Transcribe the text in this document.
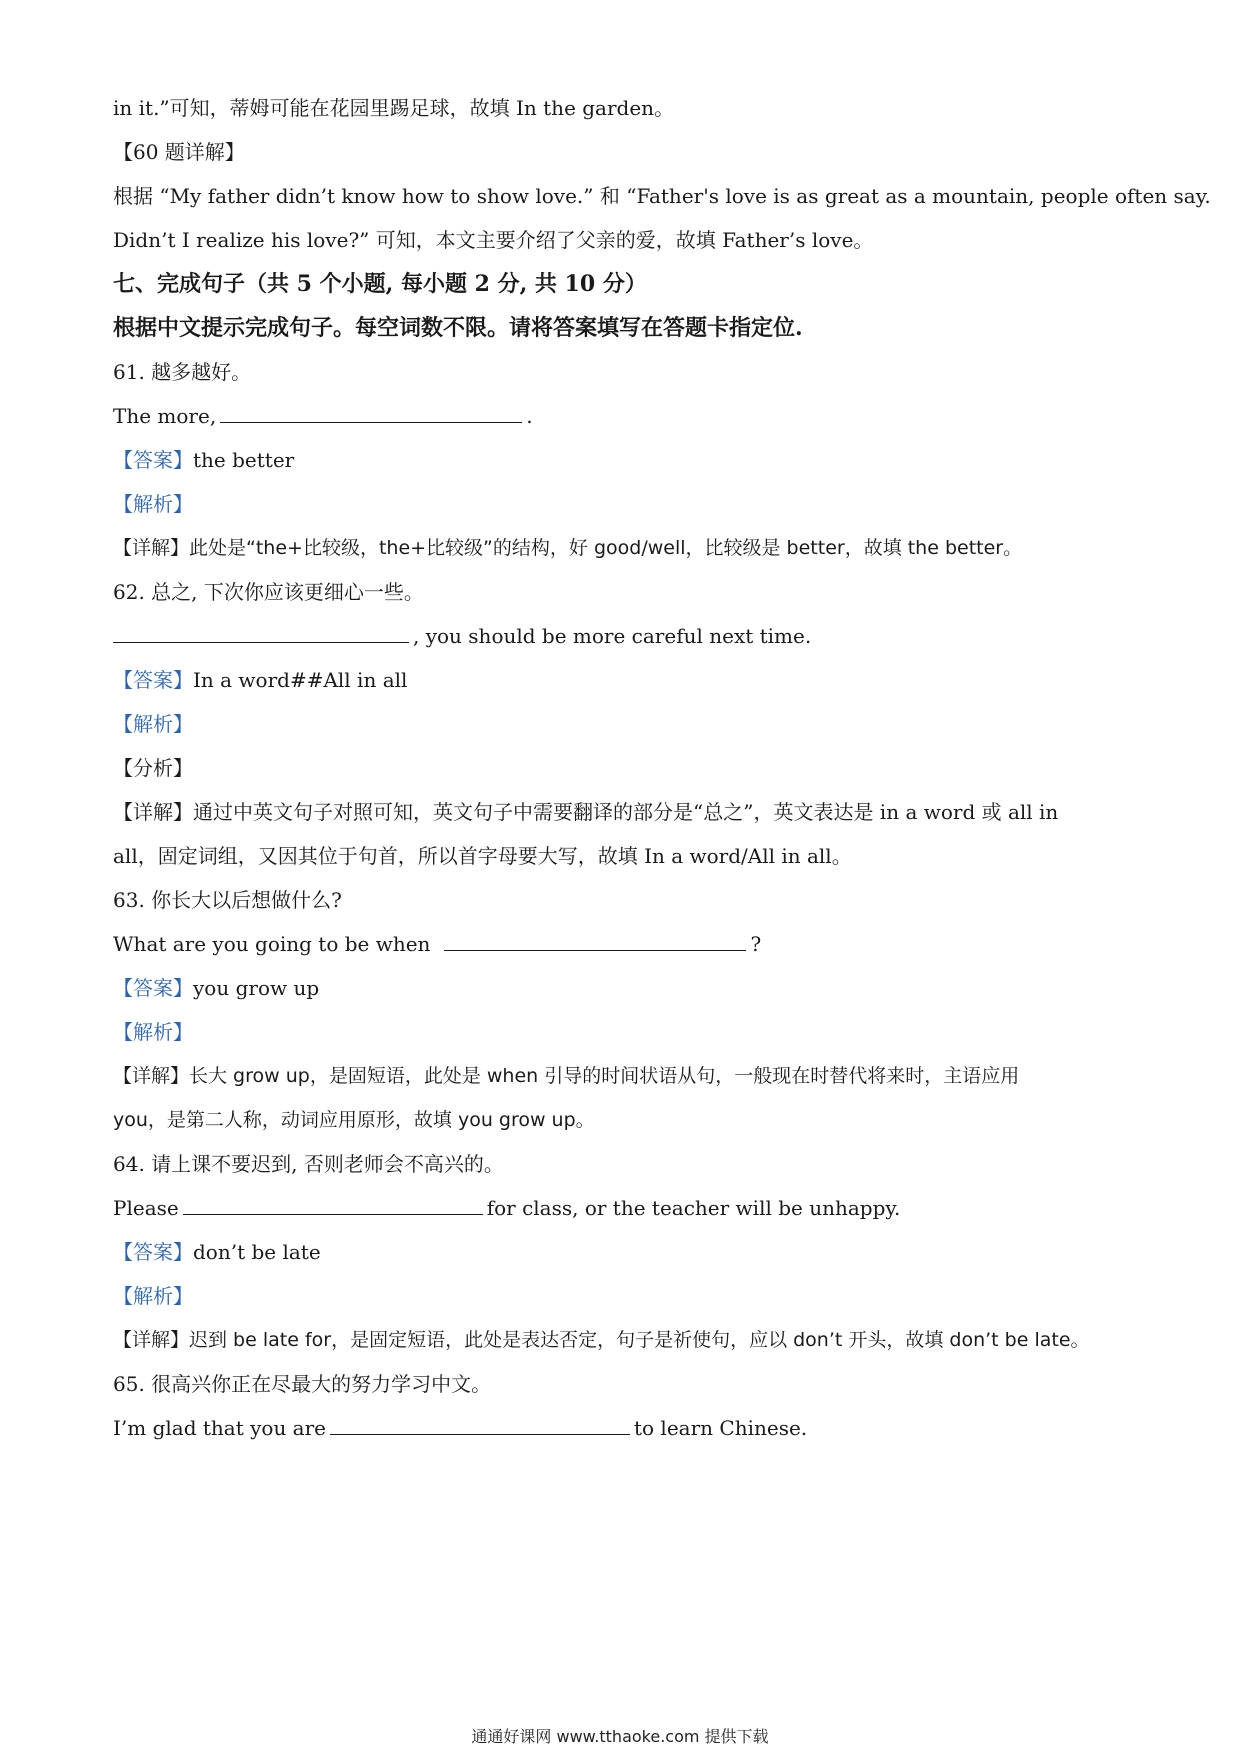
in it.”可知，蒂姆可能在花园里踢足球，故填 In the garden。
【60 题详解】
根据 “My father didn’t know how to show love.” 和 “Father's love is as great as a mountain, people often say.
Didn’t I realize his love?” 可知，本文主要介绍了父亲的爱，故填 Father’s love。
七、完成句子（共 5 个小题, 每小题 2 分, 共 10 分）
根据中文提示完成句子。每空词数不限。请将答案填写在答题卡指定位.
61. 越多越好。
The more,	.
【答案】the better
【解析】
【详解】此处是“the+比较级，the+比较级”的结构，好 good/well，比较级是 better，故填 the better。
62. 总之, 下次你应该更细心一些。
, you should be more careful next time.
【答案】In a word##All in all
【解析】
【分析】
【详解】通过中英文句子对照可知，英文句子中需要翻译的部分是“总之”，英文表达是 in a word 或 all in
all，固定词组，又因其位于句首，所以首字母要大写，故填 In a word/All in all。
63. 你长大以后想做什么?
What are you going to be when	?
【答案】you grow up
【解析】
【详解】长大 grow up，是固短语，此处是 when 引导的时间状语从句，一般现在时替代将来时，主语应用
you，是第二人称，动词应用原形，故填 you grow up。
64. 请上课不要迟到, 否则老师会不高兴的。
Please	for class, or the teacher will be unhappy.
【答案】don’t be late
【解析】
【详解】迟到 be late for，是固定短语，此处是表达否定，句子是祈使句，应以 don’t 开头，故填 don’t be late。
65. 很高兴你正在尽最大的努力学习中文。
I’m glad that you are	to learn Chinese.
通通好课网 www.tthaoke.com 提供下载
